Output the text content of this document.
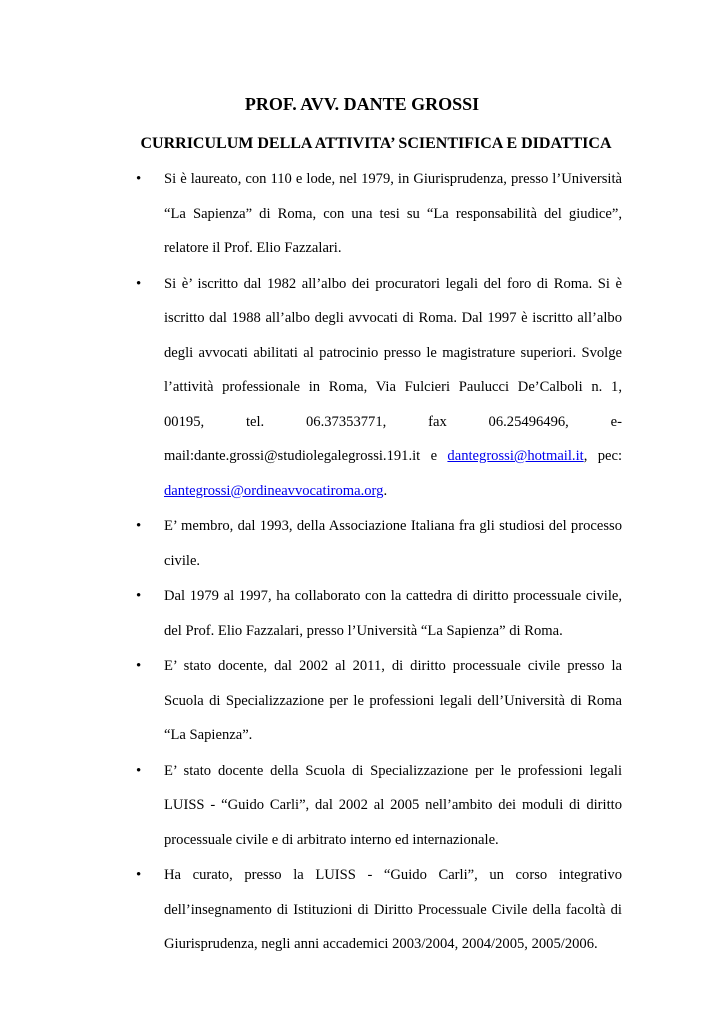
PROF. AVV. DANTE GROSSI
CURRICULUM DELLA ATTIVITA’ SCIENTIFICA E DIDATTICA
• Si è laureato, con 110 e lode, nel 1979, in Giurisprudenza, presso l’Università
“La Sapienza” di Roma, con una tesi su “La responsabilità del giudice”,
relatore il Prof. Elio Fazzalari.
• Si è’ iscritto dal 1982 all’albo dei procuratori legali del foro di Roma. Si è
iscritto dal 1988 all’albo degli avvocati di Roma. Dal 1997 è iscritto all’albo
degli avvocati abilitati al patrocinio presso le magistrature superiori. Svolge
l’attività professionale in Roma, Via Fulcieri Paulucci De’Calboli n. 1,
00195, tel. 06.37353771, fax 06.25496496, e-
mail:dante.grossi@studiolegalegrossi.191.it e dantegrossi@hotmail.it, pec:
dantegrossi@ordineavvocatiroma.org.
• E’ membro, dal 1993, della Associazione Italiana fra gli studiosi del processo
civile.
• Dal 1979 al 1997, ha collaborato con la cattedra di diritto processuale civile,
del Prof. Elio Fazzalari, presso l’Università “La Sapienza” di Roma.
• E’ stato docente, dal 2002 al 2011, di diritto processuale civile presso la
Scuola di Specializzazione per le professioni legali dell’Università di Roma
“La Sapienza”.
• E’ stato docente della Scuola di Specializzazione per le professioni legali
LUISS - “Guido Carli”, dal 2002 al 2005 nell’ambito dei moduli di diritto
processuale civile e di arbitrato interno ed internazionale.
• Ha curato, presso la LUISS - “Guido Carli”, un corso integrativo
dell’insegnamento di Istituzioni di Diritto Processuale Civile della facoltà di
Giurisprudenza, negli anni accademici 2003/2004, 2004/2005, 2005/2006.
